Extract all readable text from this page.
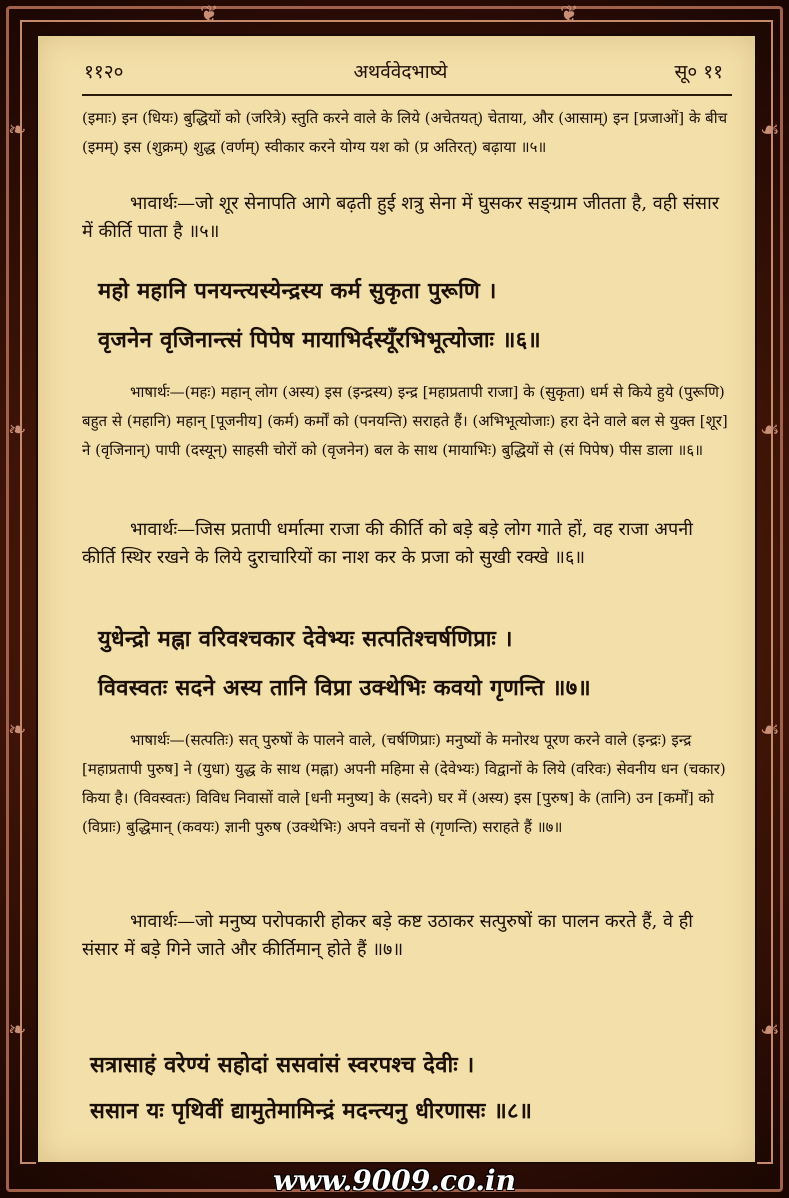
❧
❧
❧
❧
☙
☙
☙
☙
❦	❦
११२०	अथर्ववेदभाष्ये	सू० ११
(इमाः) इन (धियः) बुद्धियों को (जरित्रे) स्तुति करने वाले के लिये (अचेतयत्) चेताया, और (आसाम्) इन [प्रजाओं] के बीच (इमम्) इस (शुक्रम्) शुद्ध (वर्णम्) स्वीकार करने योग्य यश को (प्र अतिरत्) बढ़ाया ॥५॥
भावार्थः—जो शूर सेनापति आगे बढ़ती हुई शत्रु सेना में घुसकर सङ्ग्राम जीतता है, वही संसार में कीर्ति पाता है ॥५॥
महो महानि पनयन्त्यस्येन्द्रस्य कर्म सुकृता पुरूणि ।
वृजनेन वृजिनान्त्सं पिपेष मायाभिर्दस्यूँरभिभूत्योजाः ॥६॥
भाषार्थः—(महः) महान् लोग (अस्य) इस (इन्द्रस्य) इन्द्र [महाप्रतापी राजा] के (सुकृता) धर्म से किये हुये (पुरूणि) बहुत से (महानि) महान् [पूजनीय] (कर्म) कर्मों को (पनयन्ति) सराहते हैं। (अभिभूत्योजाः) हरा देने वाले बल से युक्त [शूर] ने (वृजिनान्) पापी (दस्यून्) साहसी चोरों को (वृजनेन) बल के साथ (मायाभिः) बुद्धियों से (सं पिपेष) पीस डाला ॥६॥
भावार्थः—जिस प्रतापी धर्मात्मा राजा की कीर्ति को बड़े बड़े लोग गाते हों, वह राजा अपनी कीर्ति स्थिर रखने के लिये दुराचारियों का नाश कर के प्रजा को सुखी रक्खे ॥६॥
युधेन्द्रो मह्ना वरिवश्चकार देवेभ्यः सत्पतिश्चर्षणिप्राः ।
विवस्वतः सदने अस्य तानि विप्रा उक्थेभिः कवयो गृणन्ति ॥७॥
भाषार्थः—(सत्पतिः) सत् पुरुषों के पालने वाले, (चर्षणिप्राः) मनुष्यों के मनोरथ पूरण करने वाले (इन्द्रः) इन्द्र [महाप्रतापी पुरुष] ने (युधा) युद्ध के साथ (मह्ना) अपनी महिमा से (देवेभ्यः) विद्वानों के लिये (वरिवः) सेवनीय धन (चकार) किया है। (विवस्वतः) विविध निवासों वाले [धनी मनुष्य] के (सदने) घर में (अस्य) इस [पुरुष] के (तानि) उन [कर्मों] को (विप्राः) बुद्धिमान् (कवयः) ज्ञानी पुरुष (उक्थेभिः) अपने वचनों से (गृणन्ति) सराहते हैं ॥७॥
भावार्थः—जो मनुष्य परोपकारी होकर बड़े कष्ट उठाकर सत्पुरुषों का पालन करते हैं, वे ही संसार में बड़े गिने जाते और कीर्तिमान् होते हैं ॥७॥
सत्रासाहं वरेण्यं सहोदां ससवांसं स्वरपश्च देवीः ।
ससान यः पृथिवीं द्यामुतेमामिन्द्रं मदन्त्यनु धीरणासः ॥८॥
www.9009.co.in
